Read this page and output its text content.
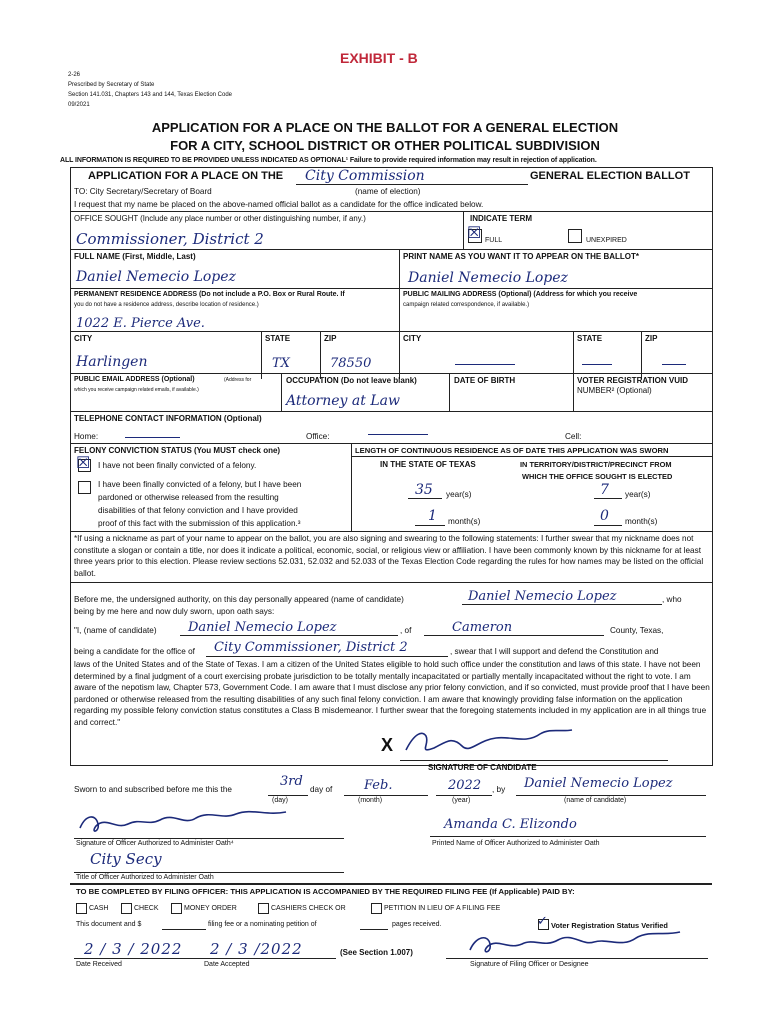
EXHIBIT - B
2-26
Prescribed by Secretary of State
Section 141.031, Chapters 143 and 144, Texas Election Code
09/2021
APPLICATION FOR A PLACE ON THE BALLOT FOR A GENERAL ELECTION
FOR A CITY, SCHOOL DISTRICT OR OTHER POLITICAL SUBDIVISION
ALL INFORMATION IS REQUIRED TO BE PROVIDED UNLESS INDICATED AS OPTIONAL¹ Failure to provide required information may result in rejection of application.
APPLICATION FOR A PLACE ON THE City Commission	GENERAL ELECTION BALLOT
TO: City Secretary/Secretary of Board	(name of election)
I request that my name be placed on the above-named official ballot as a candidate for the office indicated below.
OFFICE SOUGHT (Include any place number or other distinguishing number, if any.)
Commissioner, District 2
INDICATE TERM
☒ FULL	UNEXPIRED
FULL NAME (First, Middle, Last)
Daniel Nemecio Lopez
PRINT NAME AS YOU WANT IT TO APPEAR ON THE BALLOT*
Daniel Nemecio Lopez
PERMANENT RESIDENCE ADDRESS (Do not include a P.O. Box or Rural Route. If
you do not have a residence address, describe location of residence.)
1022 E. Pierce Ave.
PUBLIC MAILING ADDRESS (Optional) (Address for which you receive
campaign related correspondence, if available.)
CITY	STATE	ZIP	CITY	STATE	ZIP
Harlingen	TX	78550
PUBLIC EMAIL ADDRESS (Optional)	(Address for
which you receive campaign related emails, if available.)
OCCUPATION (Do not leave blank)
Attorney at Law
DATE OF BIRTH	VOTER REGISTRATION VUID
NUMBER² (Optional)
TELEPHONE CONTACT INFORMATION (Optional)
Home:	Office:	Cell:
FELONY CONVICTION STATUS (You MUST check one)
☒ I have not been finally convicted of a felony.
I have been finally convicted of a felony, but I have been
pardoned or otherwise released from the resulting
disabilities of that felony conviction and I have provided
proof of this fact with the submission of this application.³
LENGTH OF CONTINUOUS RESIDENCE AS OF DATE THIS APPLICATION WAS SWORN
IN THE STATE OF TEXAS	IN TERRITORY/DISTRICT/PRECINCT FROM
WHICH THE OFFICE SOUGHT IS ELECTED
35 year(s)	7 year(s)
1 month(s)	0 month(s)
*If using a nickname as part of your name to appear on the ballot, you are also signing and swearing to the following statements: I further swear that my nickname does not constitute a slogan or contain a title, nor does it indicate a political, economic, social, or religious view or affiliation. I have been commonly known by this nickname for at least three years prior to this election. Please review sections 52.031, 52.032 and 52.033 of the Texas Election Code regarding the rules for how names may be listed on the official ballot.
Before me, the undersigned authority, on this day personally appeared (name of candidate)	Daniel Nemecio Lopez	, who
being by me here and now duly sworn, upon oath says:
"I, (name of candidate) Daniel Nemecio Lopez	, of	Cameron	County, Texas,
being a candidate for the office of City Commissioner, District 2	, swear that I will support and defend the Constitution and
laws of the United States and of the State of Texas. I am a citizen of the United States eligible to hold such office under the constitution and laws of this state. I have not been determined by a final judgment of a court exercising probate jurisdiction to be totally mentally incapacitated or partially mentally incapacitated without the right to vote. I am aware of the nepotism law, Chapter 573, Government Code. I am aware that I must disclose any prior felony conviction, and if so convicted, must provide proof that I have been pardoned or otherwise released from the resulting disabilities of any such final felony conviction. I am aware that knowingly providing false information on the application regarding my possible felony conviction status constitutes a Class B misdemeanor. I further swear that the foregoing statements included in my application are in all things true and correct."
X
SIGNATURE OF CANDIDATE
Sworn to and subscribed before me this the
3rd
day of Feb.	2022 , by Daniel Nemecio Lopez
(day)	(month)	(year)	(name of candidate)
Signature of Officer Authorized to Administer Oath⁴
Amanda C. Elizondo
Printed Name of Officer Authorized to Administer Oath
City Secy
Title of Officer Authorized to Administer Oath
TO BE COMPLETED BY FILING OFFICER: THIS APPLICATION IS ACCOMPANIED BY THE REQUIRED FILING FEE (If Applicable) PAID BY:
CASH	CHECK	MONEY ORDER	CASHIERS CHECK OR	PETITION IN LIEU OF A FILING FEE
This document and $	filing fee or a nominating petition of	pages received.	✓ Voter Registration Status Verified
2 / 3 / 2022 2 / 3 /2022	(See Section 1.007)
Date Received	Date Accepted	Signature of Filing Officer or Designee
